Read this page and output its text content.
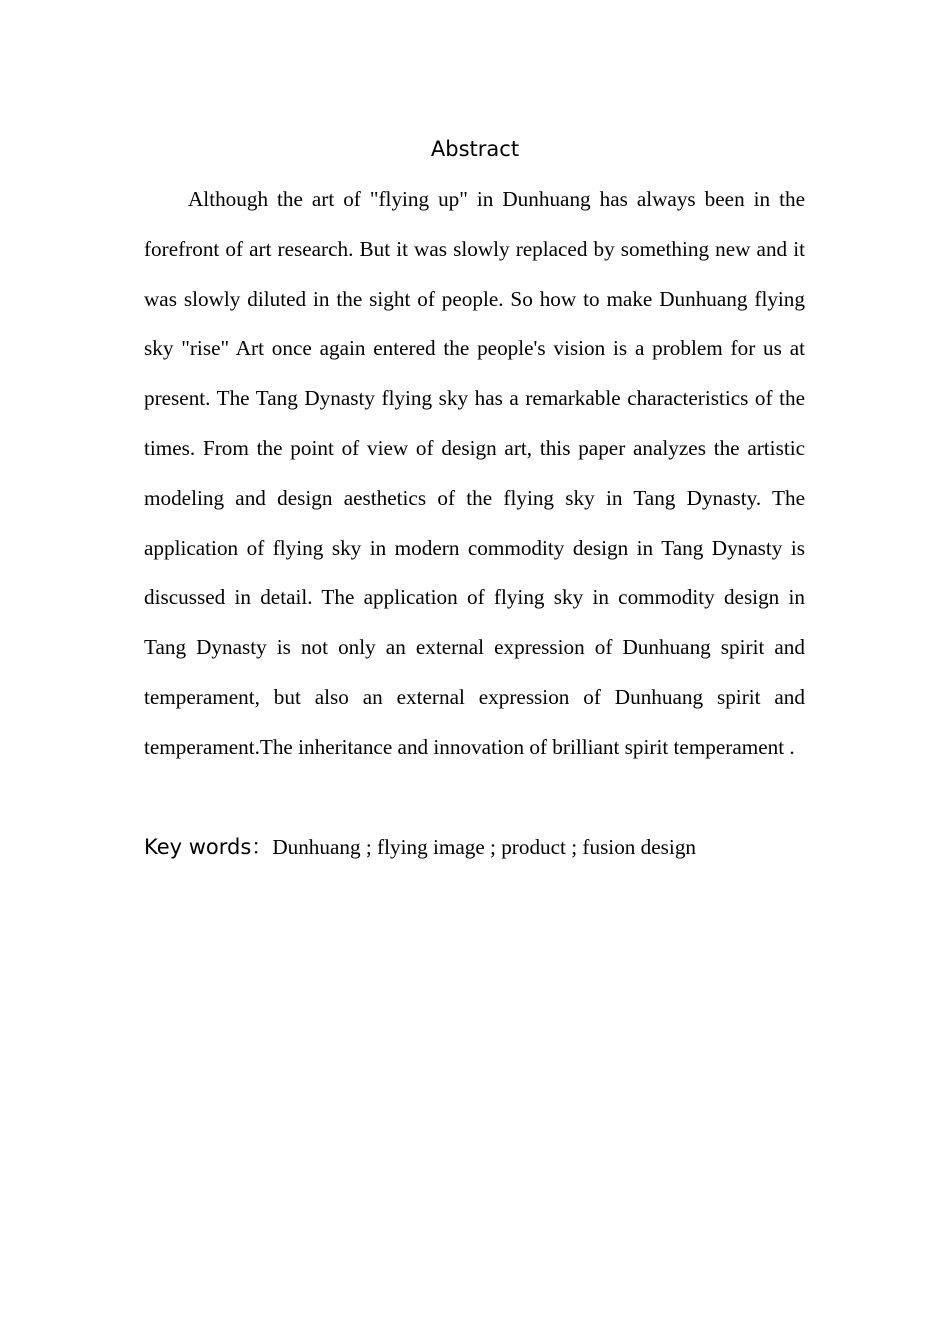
Abstract

Although the art of "flying up" in Dunhuang has always been in the forefront of art research. But it was slowly replaced by something new and it was slowly diluted in the sight of people. So how to make Dunhuang flying sky "rise" Art once again entered the people's vision is a problem for us at present. The Tang Dynasty flying sky has a remarkable characteristics of the times. From the point of view of design art, this paper analyzes the artistic modeling and design aesthetics of the flying sky in Tang Dynasty. The application of flying sky in modern commodity design in Tang Dynasty is discussed in detail. The application of flying sky in commodity design in Tang Dynasty is not only an external expression of Dunhuang spirit and temperament, but also an external expression of Dunhuang spirit and temperament.The inheritance and innovation of brilliant spirit temperament .

Key words：Dunhuang ; flying image ; product ; fusion design
